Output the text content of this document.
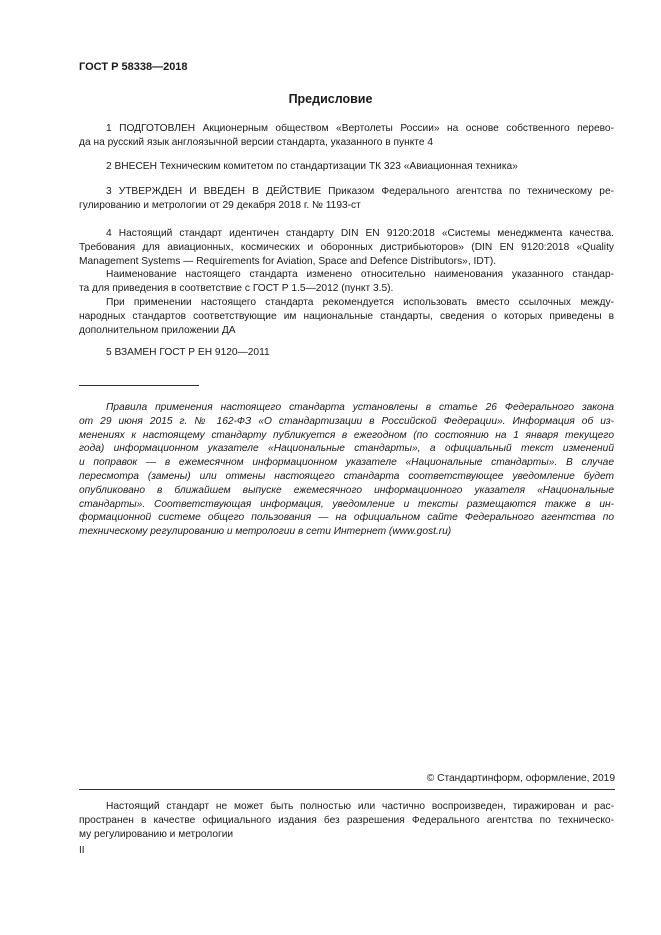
ГОСТ Р 58338—2018
Предисловие
1 ПОДГОТОВЛЕН Акционерным обществом «Вертолеты России» на основе собственного перево-
да на русский язык англоязычной версии стандарта, указанного в пункте 4
2 ВНЕСЕН Техническим комитетом по стандартизации ТК 323 «Авиационная техника»
3 УТВЕРЖДЕН И ВВЕДЕН В ДЕЙСТВИЕ Приказом Федерального агентства по техническому ре-
гулированию и метрологии от 29 декабря 2018 г. № 1193-ст
4 Настоящий стандарт идентичен стандарту DIN EN 9120:2018 «Системы менеджмента качества.
Требования для авиационных, космических и оборонных дистрибьюторов» (DIN EN 9120:2018 «Quality
Management Systems — Requirements for Aviation, Space and Defence Distributors», IDT).
Наименование настоящего стандарта изменено относительно наименования указанного стандар-
та для приведения в соответствие с ГОСТ Р 1.5—2012 (пункт 3.5).
При применении настоящего стандарта рекомендуется использовать вместо ссылочных между-
народных стандартов соответствующие им национальные стандарты, сведения о которых приведены в
дополнительном приложении ДА
5 ВЗАМЕН ГОСТ Р ЕН 9120—2011
Правила применения настоящего стандарта установлены в статье 26 Федерального закона
от 29 июня 2015 г. № 162-ФЗ «О стандартизации в Российской Федерации». Информация об из-
менениях к настоящему стандарту публикуется в ежегодном (по состоянию на 1 января текущего
года) информационном указателе «Национальные стандарты», а официальный текст изменений
и поправок — в ежемесячном информационном указателе «Национальные стандарты». В случае
пересмотра (замены) или отмены настоящего стандарта соответствующее уведомление будет
опубликовано в ближайшем выпуске ежемесячного информационного указателя «Национальные
стандарты». Соответствующая информация, уведомление и тексты размещаются также в ин-
формационной системе общего пользования — на официальном сайте Федерального агентства по
техническому регулированию и метрологии в сети Интернет (www.gost.ru)
© Стандартинформ, оформление, 2019
Настоящий стандарт не может быть полностью или частично воспроизведен, тиражирован и рас-
пространен в качестве официального издания без разрешения Федерального агентства по техническо-
му регулированию и метрологии
II
